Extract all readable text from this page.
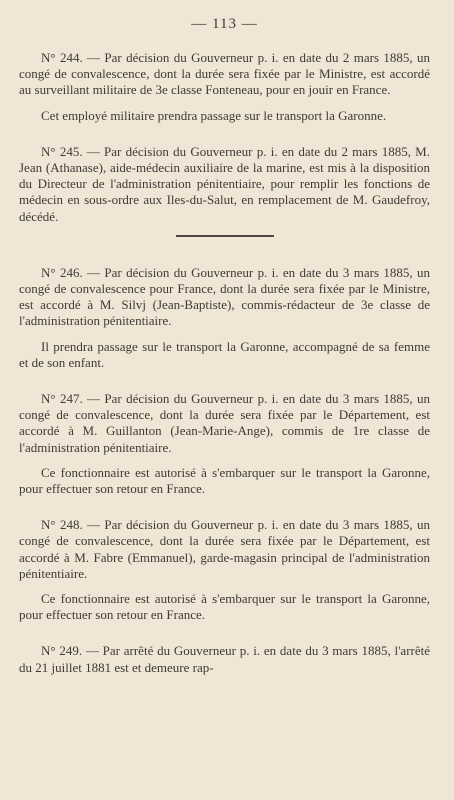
— 113 —

N° 244. — Par décision du Gouverneur p. i. en date du 2 mars 1885, un congé de convalescence, dont la durée sera fixée par le Ministre, est accordé au surveillant militaire de 3e classe Fonteneau, pour en jouir en France.

Cet employé militaire prendra passage sur le transport la Garonne.

N° 245. — Par décision du Gouverneur p. i. en date du 2 mars 1885, M. Jean (Athanase), aide-médecin auxiliaire de la marine, est mis à la disposition du Directeur de l'administration pénitentiaire, pour remplir les fonctions de médecin en sous-ordre aux Iles-du-Salut, en remplacement de M. Gaudefroy, décédé.

N° 246. — Par décision du Gouverneur p. i. en date du 3 mars 1885, un congé de convalescence pour France, dont la durée sera fixée par le Ministre, est accordé à M. Silvj (Jean-Baptiste), commis-rédacteur de 3e classe de l'administration pénitentiaire.

Il prendra passage sur le transport la Garonne, accompagné de sa femme et de son enfant.

N° 247. — Par décision du Gouverneur p. i. en date du 3 mars 1885, un congé de convalescence, dont la durée sera fixée par le Département, est accordé à M. Guillanton (Jean-Marie-Ange), commis de 1re classe de l'administration pénitentiaire.

Ce fonctionnaire est autorisé à s'embarquer sur le transport la Garonne, pour effectuer son retour en France.

N° 248. — Par décision du Gouverneur p. i. en date du 3 mars 1885, un congé de convalescence, dont la durée sera fixée par le Département, est accordé à M. Fabre (Emmanuel), garde-magasin principal de l'administration pénitentiaire.

Ce fonctionnaire est autorisé à s'embarquer sur le transport la Garonne, pour effectuer son retour en France.

N° 249. — Par arrêté du Gouverneur p. i. en date du 3 mars 1885, l'arrêté du 21 juillet 1881 est et demeure rap-
